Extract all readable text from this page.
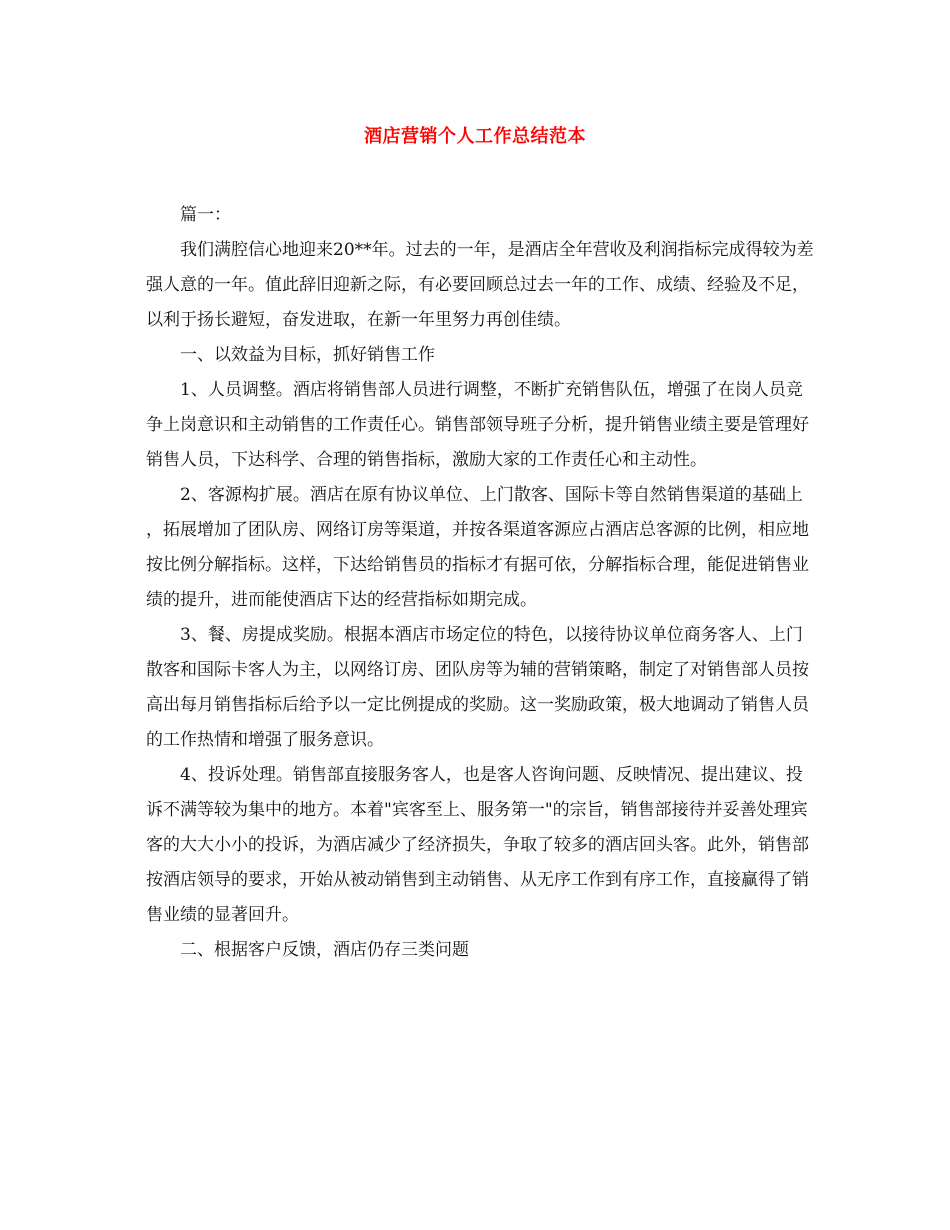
酒店营销个人工作总结范本

篇一：

我们满腔信心地迎来20**年。过去的一年，是酒店全年营收及利润指标完成得较为差强人意的一年。值此辞旧迎新之际，有必要回顾总过去一年的工作、成绩、经验及不足，以利于扬长避短，奋发进取，在新一年里努力再创佳绩。

一、以效益为目标，抓好销售工作

1、人员调整。酒店将销售部人员进行调整，不断扩充销售队伍，增强了在岗人员竞争上岗意识和主动销售的工作责任心。销售部领导班子分析，提升销售业绩主要是管理好销售人员，下达科学、合理的销售指标，激励大家的工作责任心和主动性。

2、客源构扩展。酒店在原有协议单位、上门散客、国际卡等自然销售渠道的基础上，拓展增加了团队房、网络订房等渠道，并按各渠道客源应占酒店总客源的比例，相应地按比例分解指标。这样，下达给销售员的指标才有据可依，分解指标合理，能促进销售业绩的提升，进而能使酒店下达的经营指标如期完成。

3、餐、房提成奖励。根据本酒店市场定位的特色，以接待协议单位商务客人、上门散客和国际卡客人为主，以网络订房、团队房等为辅的营销策略，制定了对销售部人员按高出每月销售指标后给予以一定比例提成的奖励。这一奖励政策，极大地调动了销售人员的工作热情和增强了服务意识。

4、投诉处理。销售部直接服务客人，也是客人咨询问题、反映情况、提出建议、投诉不满等较为集中的地方。本着"宾客至上、服务第一"的宗旨，销售部接待并妥善处理宾客的大大小小的投诉，为酒店减少了经济损失，争取了较多的酒店回头客。此外，销售部按酒店领导的要求，开始从被动销售到主动销售、从无序工作到有序工作，直接赢得了销售业绩的显著回升。

二、根据客户反馈，酒店仍存三类问题
